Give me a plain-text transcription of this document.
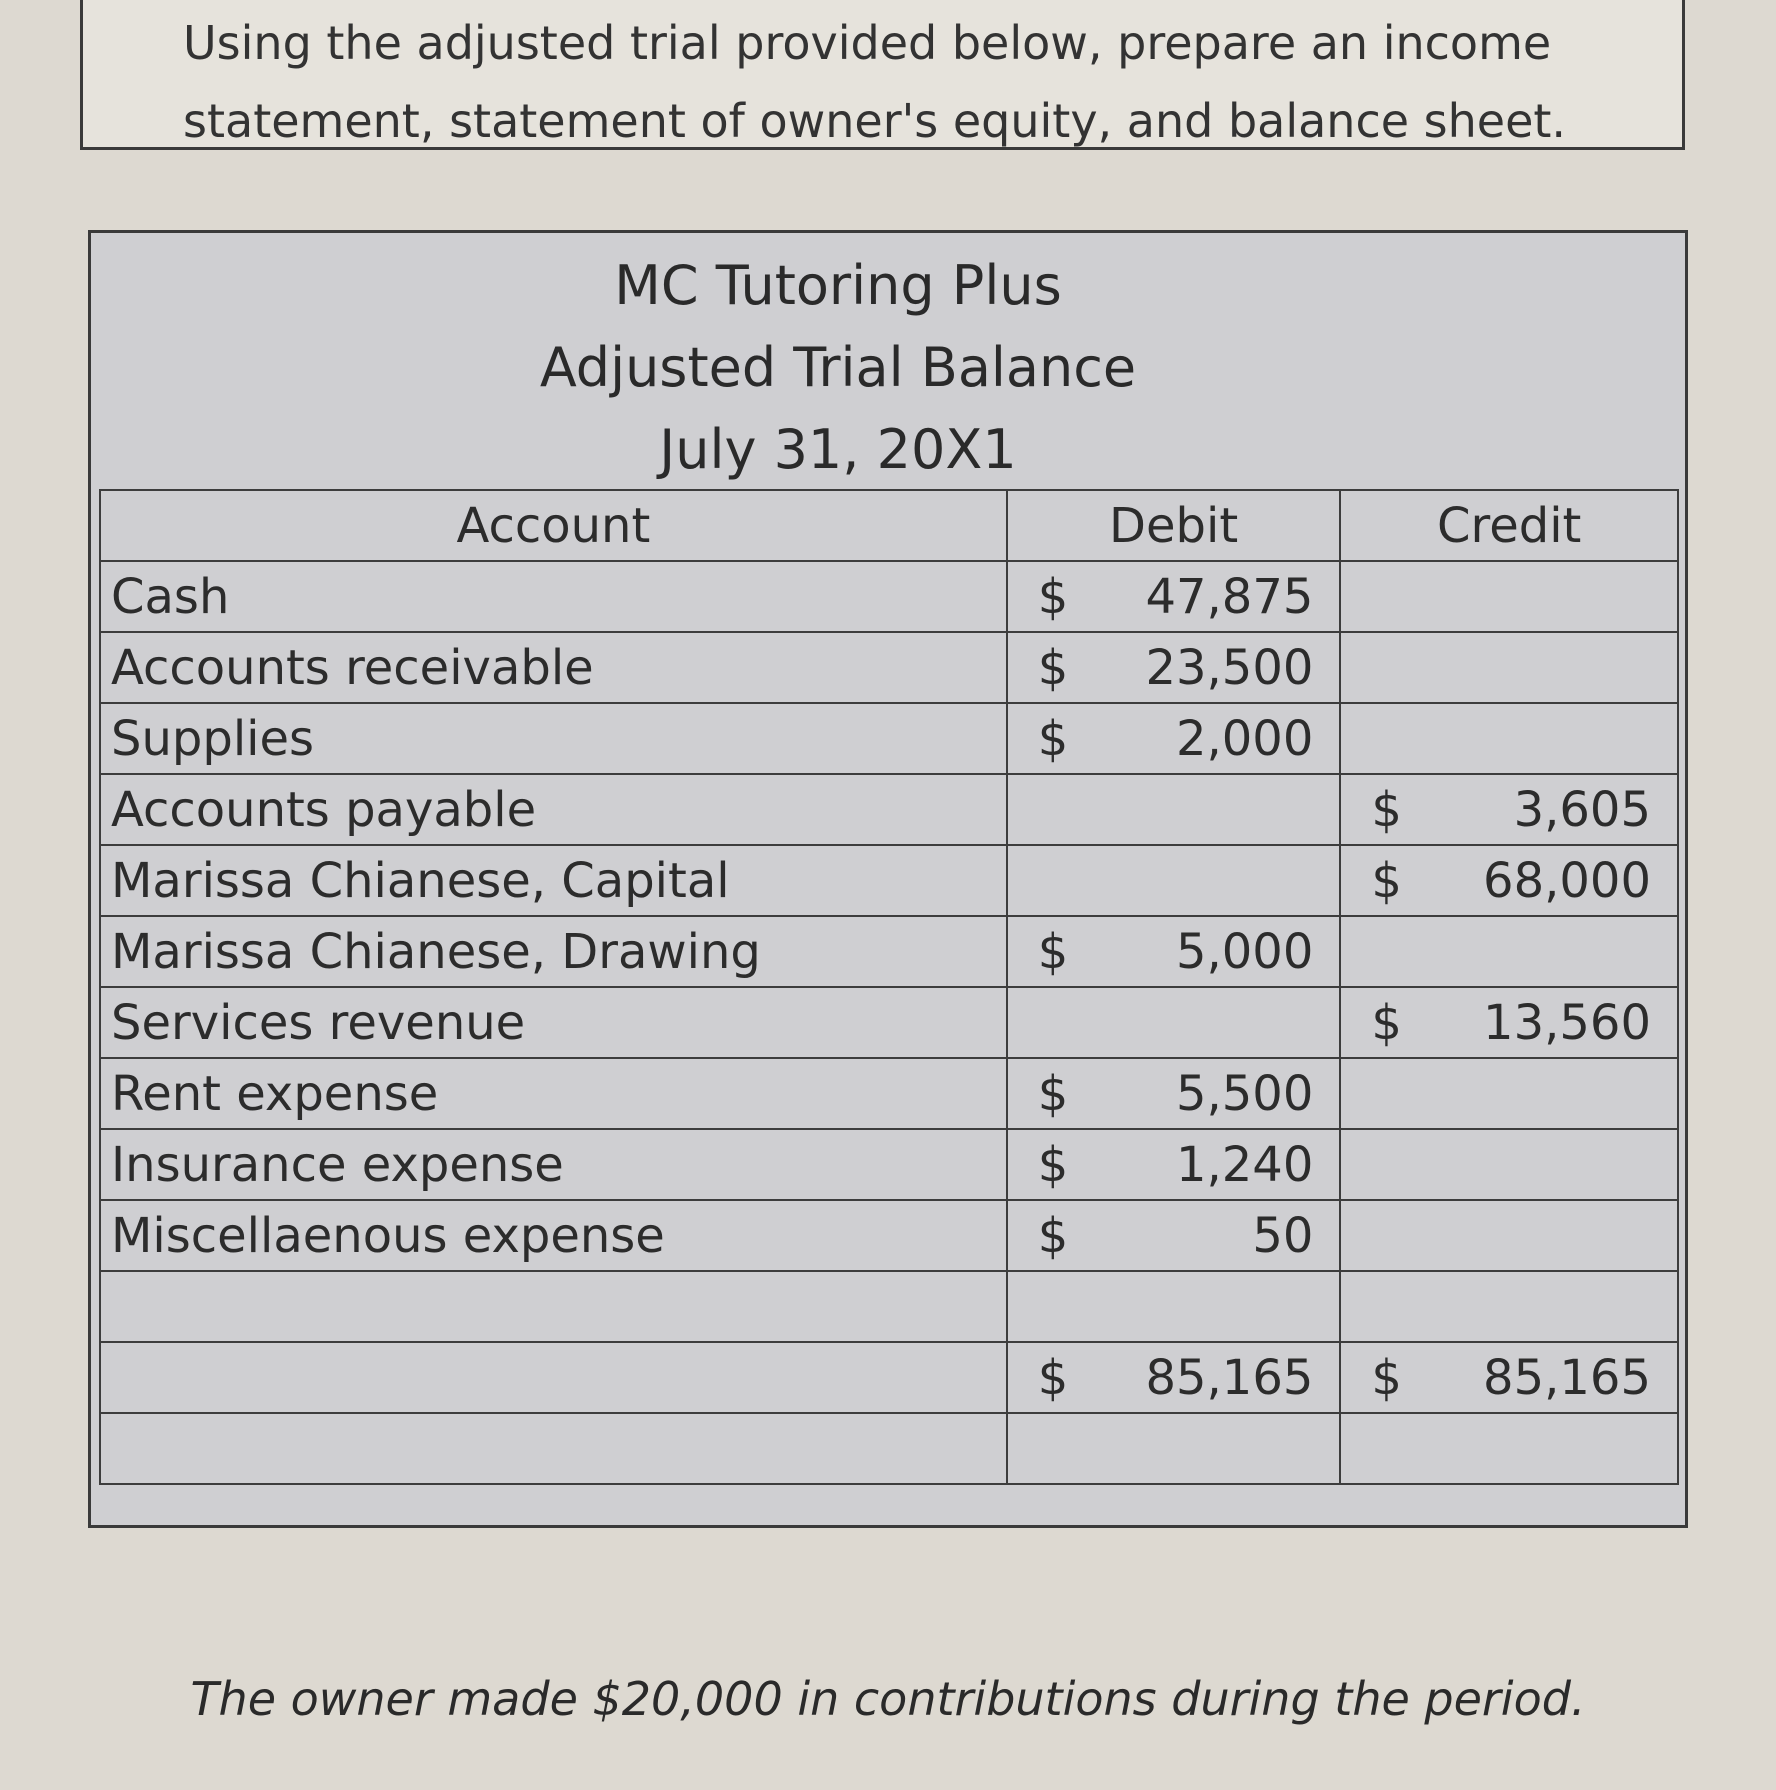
Using the adjusted trial provided below, prepare an income
statement, statement of owner's equity, and balance sheet.
MC Tutoring Plus
Adjusted Trial Balance
July 31, 20X1
Account	Debit	Credit
Cash	$ 47,875	

Accounts receivable	$ 23,500	

Supplies	$ 2,000	

Accounts payable		$ 3,605

Marissa Chianese, Capital		$ 68,000

Marissa Chianese, Drawing	$ 5,000	

Services revenue		$ 13,560

Rent expense	$ 5,500	

Insurance expense	$ 1,240	

Miscellaenous expense	$ 50	

	$ 85,165	$ 85,165

The owner made $20,000 in contributions during the period.
